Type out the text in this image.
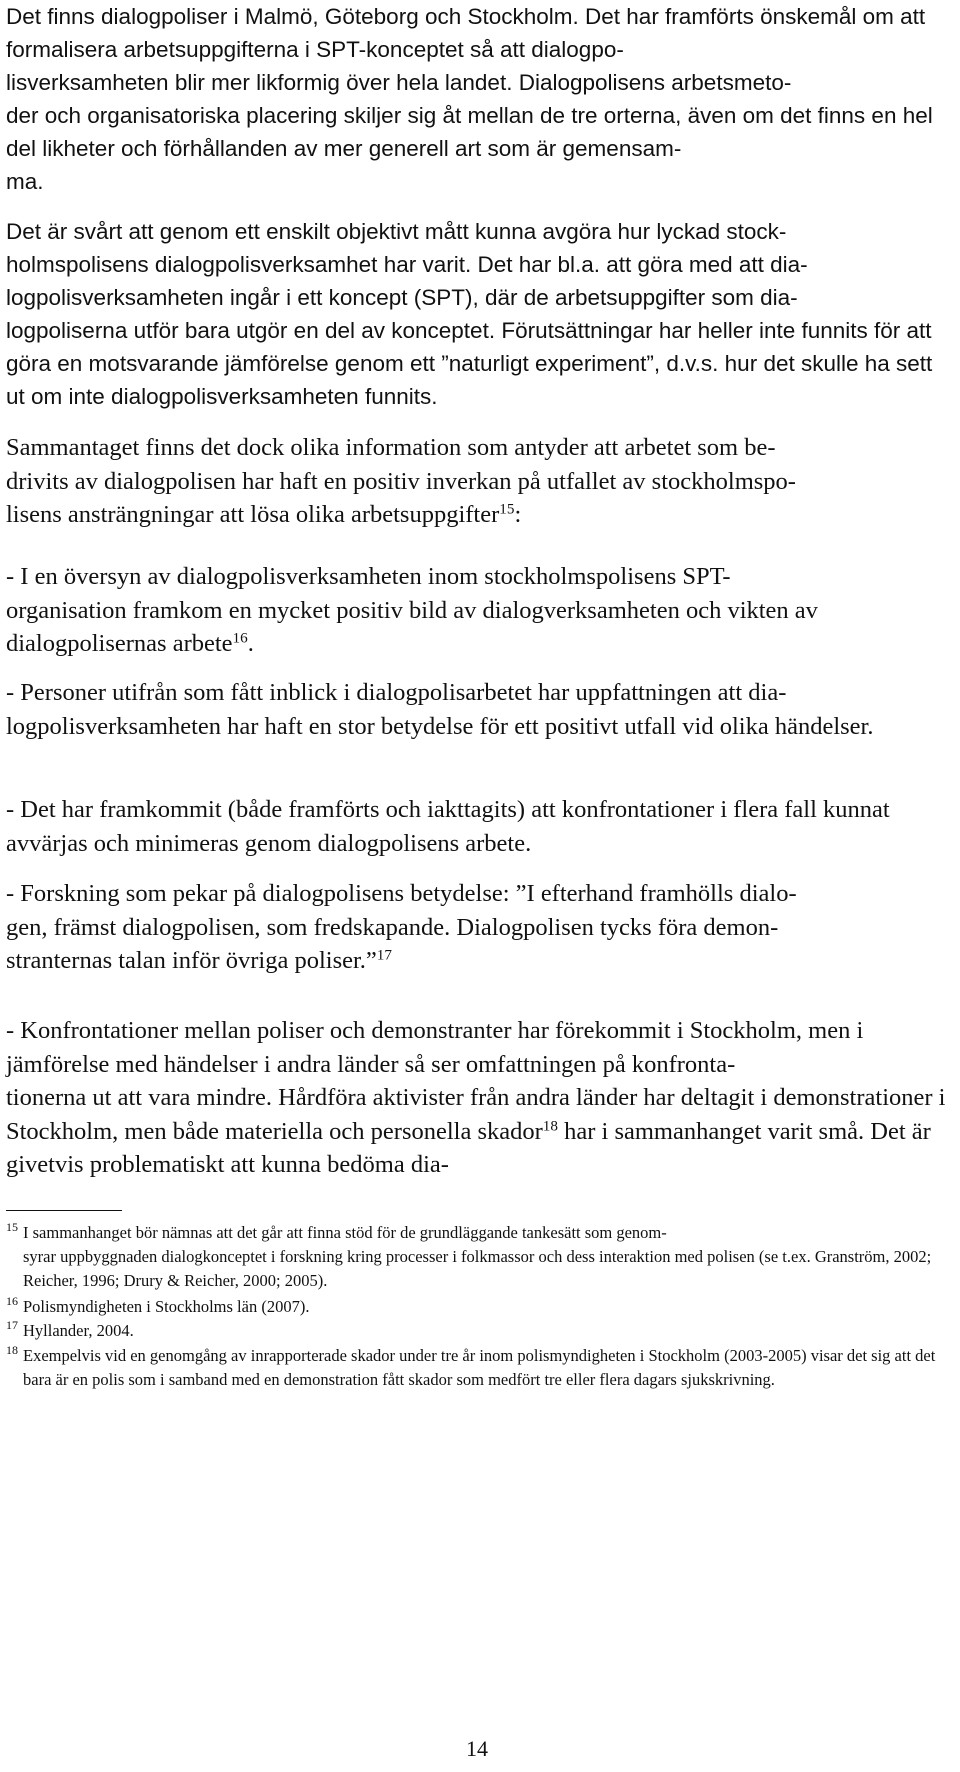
Det finns dialogpoliser i Malmö, Göteborg och Stockholm. Det har framförts önskemål om att formalisera arbetsuppgifterna i SPT-konceptet så att dialogpo-
lisverksamheten blir mer likformig över hela landet. Dialogpolisens arbetsmeto-
der och organisatoriska placering skiljer sig åt mellan de tre orterna, även om det finns en hel del likheter och förhållanden av mer generell art som är gemensam-
ma.
Det är svårt att genom ett enskilt objektivt mått kunna avgöra hur lyckad stock-
holmspolisens dialogpolisverksamhet har varit. Det har bl.a. att göra med att dia-
logpolisverksamheten ingår i ett koncept (SPT), där de arbetsuppgifter som dia-
logpoliserna utför bara utgör en del av konceptet. Förutsättningar har heller inte funnits för att göra en motsvarande jämförelse genom ett ”naturligt experiment”, d.v.s. hur det skulle ha sett ut om inte dialogpolisverksamheten funnits.
Sammantaget finns det dock olika information som antyder att arbetet som be-
drivits av dialogpolisen har haft en positiv inverkan på utfallet av stockholmspo-
lisens ansträngningar att lösa olika arbetsuppgifter$^{15}$:
- I en översyn av dialogpolisverksamheten inom stockholmspolisens SPT-
organisation framkom en mycket positiv bild av dialogverksamheten och vikten av dialogpolisernas arbete$^{16}$.
- Personer utifrån som fått inblick i dialogpolisarbetet har uppfattningen att dia-
logpolisverksamheten har haft en stor betydelse för ett positivt utfall vid olika händelser.
- Det har framkommit (både framförts och iakttagits) att konfrontationer i flera fall kunnat avvärjas och minimeras genom dialogpolisens arbete.
- Forskning som pekar på dialogpolisens betydelse: ”I efterhand framhölls dialo-
gen, främst dialogpolisen, som fredskapande. Dialogpolisen tycks föra demon-
stranternas talan inför övriga poliser.”$^{17}$
- Konfrontationer mellan poliser och demonstranter har förekommit i Stockholm, men i jämförelse med händelser i andra länder så ser omfattningen på konfronta-
tionerna ut att vara mindre. Hårdföra aktivister från andra länder har deltagit i demonstrationer i Stockholm, men både materiella och personella skador$^{18}$ har i sammanhanget varit små. Det är givetvis problematiskt att kunna bedöma dia-
15 I sammanhanget bör nämnas att det går att finna stöd för de grundläggande tankesätt som genom-
syrar uppbyggnaden dialogkonceptet i forskning kring processer i folkmassor och dess interaktion med polisen (se t.ex. Granström, 2002; Reicher, 1996; Drury & Reicher, 2000; 2005).
16 Polismyndigheten i Stockholms län (2007).
17 Hyllander, 2004.
18 Exempelvis vid en genomgång av inrapporterade skador under tre år inom polismyndigheten i Stockholm (2003-2005) visar det sig att det bara är en polis som i samband med en demonstration fått skador som medfört tre eller flera dagars sjukskrivning.
14
